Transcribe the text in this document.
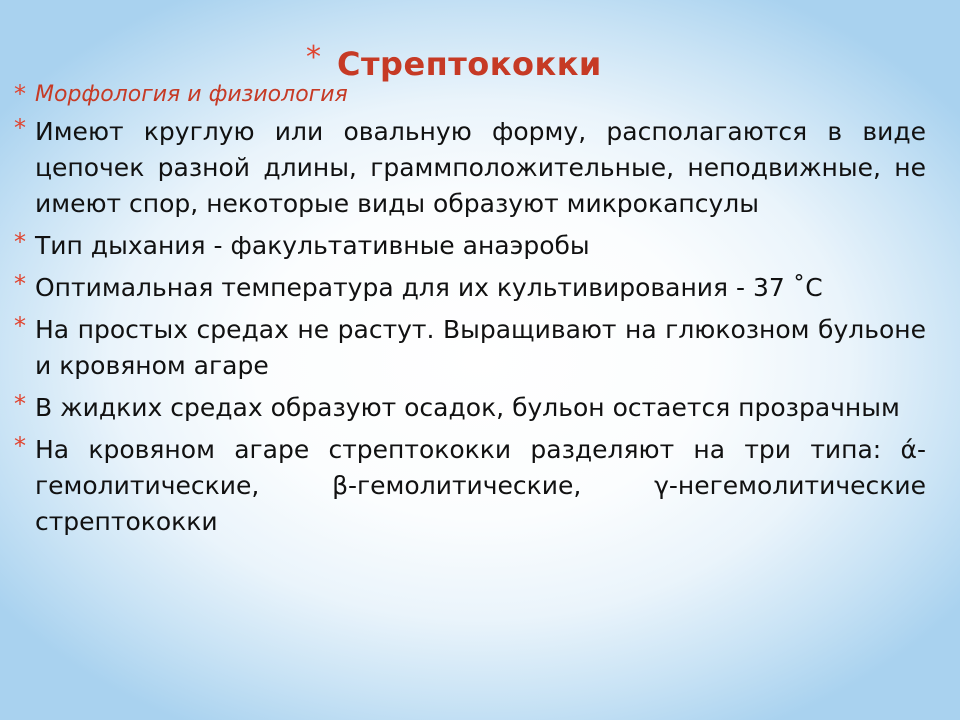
* Стрептококки
* Морфология и физиология
* Имеют круглую или овальную форму, располагаются в виде цепочек разной длины, граммположительные, неподвижные, не имеют спор, некоторые виды образуют микрокапсулы
* Тип дыхания - факультативные анаэробы
* Оптимальная температура для их культивирования - 37 ˚С
* На простых средах не растут. Выращивают на глюкозном бульоне и кровяном агаре
* В жидких средах образуют осадок, бульон остается прозрачным
* На кровяном агаре стрептококки разделяют на три типа: ά-гемолитические, β-гемолитические, γ-негемолитические стрептококки
